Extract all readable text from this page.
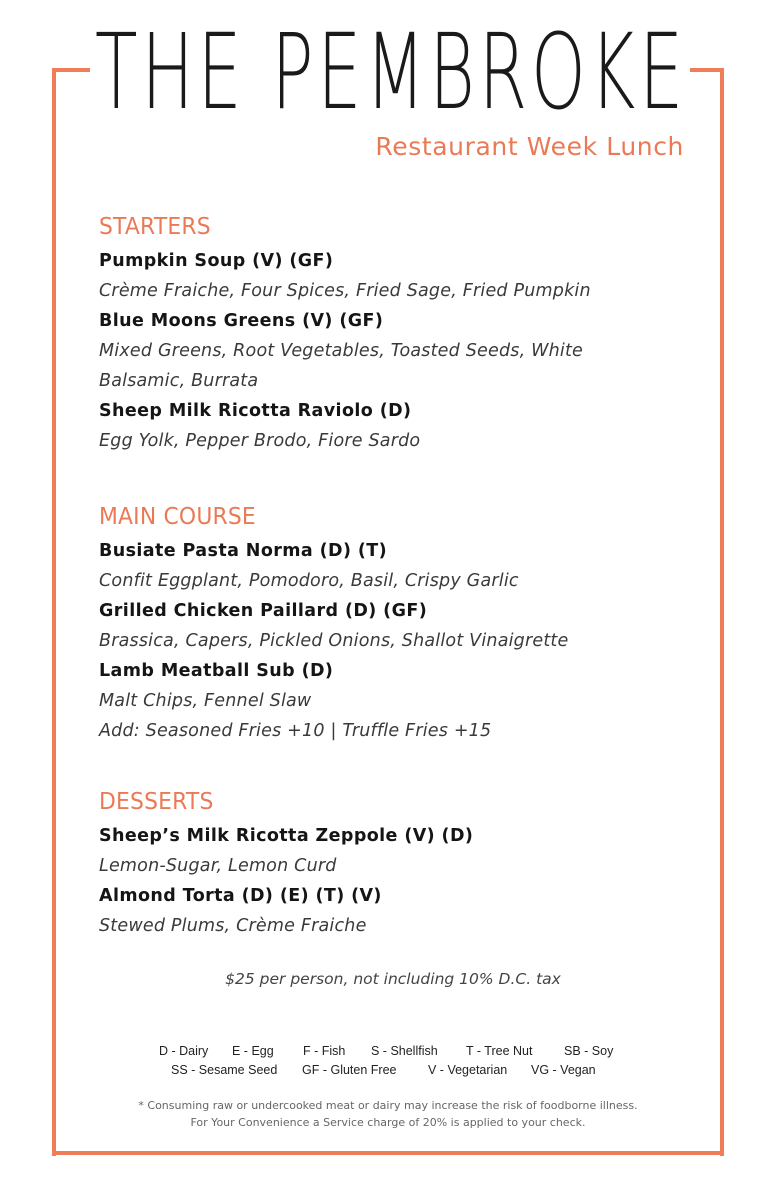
THE PEMBROKE
Restaurant Week Lunch
STARTERS
Pumpkin Soup (V) (GF)
Crème Fraiche, Four Spices, Fried Sage, Fried Pumpkin
Blue Moons Greens (V) (GF)
Mixed Greens, Root Vegetables, Toasted Seeds, White
Balsamic, Burrata
Sheep Milk Ricotta Raviolo (D)
Egg Yolk, Pepper Brodo, Fiore Sardo
MAIN COURSE
Busiate Pasta Norma (D) (T)
Confit Eggplant, Pomodoro, Basil, Crispy Garlic
Grilled Chicken Paillard (D) (GF)
Brassica, Capers, Pickled Onions, Shallot Vinaigrette
Lamb Meatball Sub (D)
Malt Chips, Fennel Slaw
Add: Seasoned Fries +10 | Truffle Fries +15
DESSERTS
Sheep’s Milk Ricotta Zeppole (V) (D)
Lemon-Sugar, Lemon Curd
Almond Torta (D) (E) (T) (V)
Stewed Plums, Crème Fraiche
$25 per person, not including 10% D.C. tax
D - Dairy E - Egg F - Fish S - Shellfish T - Tree Nut	SB - Soy
SS - Sesame Seed GF - Gluten Free	V - Vegetarian VG - Vegan
* Consuming raw or undercooked meat or dairy may increase the risk of foodborne illness.
For Your Convenience a Service charge of 20% is applied to your check.
